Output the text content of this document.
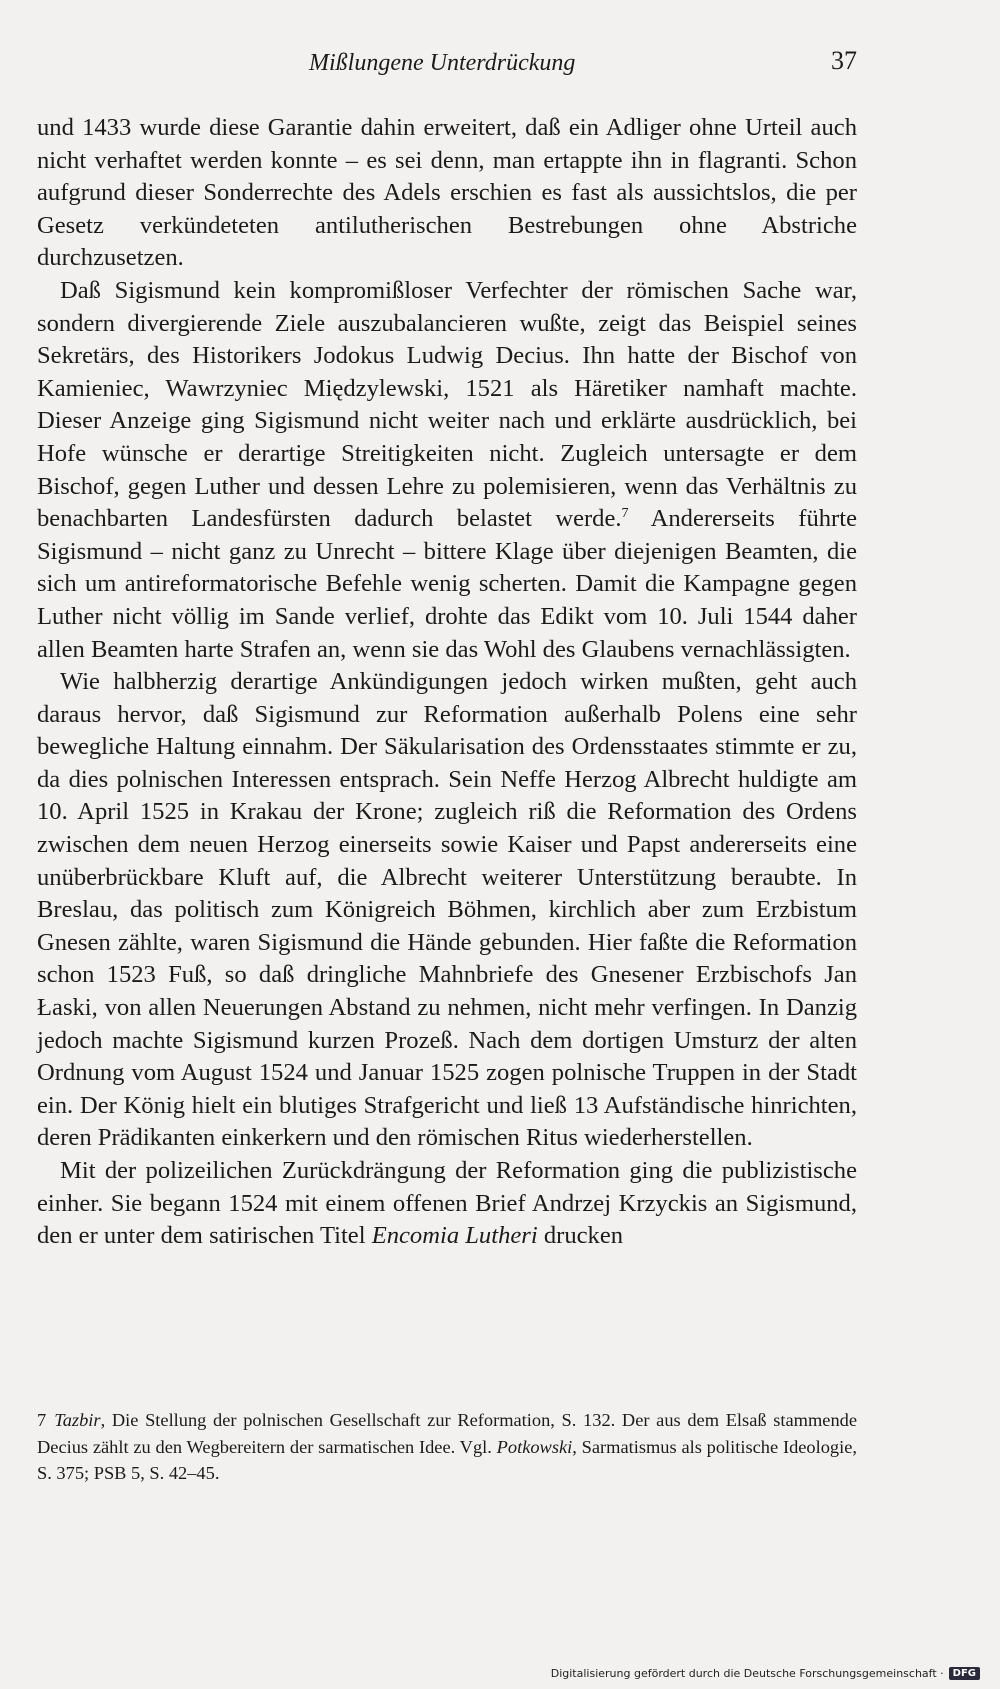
Mißlungene Unterdrückung	37

und 1433 wurde diese Garantie dahin erweitert, daß ein Adliger ohne Urteil auch nicht verhaftet werden konnte – es sei denn, man ertappte ihn in flagranti. Schon aufgrund dieser Sonderrechte des Adels erschien es fast als aussichtslos, die per Gesetz verkündeteten antilutherischen Bestrebungen ohne Abstriche durchzusetzen.

Daß Sigismund kein kompromißloser Verfechter der römischen Sache war, sondern divergierende Ziele auszubalancieren wußte, zeigt das Beispiel seines Sekretärs, des Historikers Jodokus Ludwig Decius. Ihn hatte der Bischof von Kamieniec, Wawrzyniec Międzylewski, 1521 als Häretiker namhaft machte. Dieser Anzeige ging Sigismund nicht weiter nach und erklärte ausdrücklich, bei Hofe wünsche er derartige Streitigkeiten nicht. Zugleich untersagte er dem Bischof, gegen Luther und dessen Lehre zu polemisieren, wenn das Verhältnis zu benachbarten Landesfürsten dadurch belastet werde.$^7$ Andererseits führte Sigismund – nicht ganz zu Unrecht – bittere Klage über diejenigen Beamten, die sich um antireformatorische Befehle wenig scherten. Damit die Kampagne gegen Luther nicht völlig im Sande verlief, drohte das Edikt vom 10. Juli 1544 daher allen Beamten harte Strafen an, wenn sie das Wohl des Glaubens vernachlässigten.

Wie halbherzig derartige Ankündigungen jedoch wirken mußten, geht auch daraus hervor, daß Sigismund zur Reformation außerhalb Polens eine sehr bewegliche Haltung einnahm. Der Säkularisation des Ordensstaates stimmte er zu, da dies polnischen Interessen entsprach. Sein Neffe Herzog Albrecht huldigte am 10. April 1525 in Krakau der Krone; zugleich riß die Reformation des Ordens zwischen dem neuen Herzog einerseits sowie Kaiser und Papst andererseits eine unüberbrückbare Kluft auf, die Albrecht weiterer Unterstützung beraubte. In Breslau, das politisch zum Königreich Böhmen, kirchlich aber zum Erzbistum Gnesen zählte, waren Sigismund die Hände gebunden. Hier faßte die Reformation schon 1523 Fuß, so daß dringliche Mahnbriefe des Gnesener Erzbischofs Jan Łaski, von allen Neuerungen Abstand zu nehmen, nicht mehr verfingen. In Danzig jedoch machte Sigismund kurzen Prozeß. Nach dem dortigen Umsturz der alten Ordnung vom August 1524 und Januar 1525 zogen polnische Truppen in der Stadt ein. Der König hielt ein blutiges Strafgericht und ließ 13 Aufständische hinrichten, deren Prädikanten einkerkern und den römischen Ritus wiederherstellen.

Mit der polizeilichen Zurückdrängung der Reformation ging die publizistische einher. Sie begann 1524 mit einem offenen Brief Andrzej Krzyckis an Sigismund, den er unter dem satirischen Titel Encomia Lutheri drucken

7 Tazbir, Die Stellung der polnischen Gesellschaft zur Reformation, S. 132. Der aus dem Elsaß stammende Decius zählt zu den Wegbereitern der sarmatischen Idee. Vgl. Potkowski, Sarmatismus als politische Ideologie, S. 375; PSB 5, S. 42–45.

Digitalisierung gefördert durch die Deutsche Forschungsgemeinschaft · DFG
